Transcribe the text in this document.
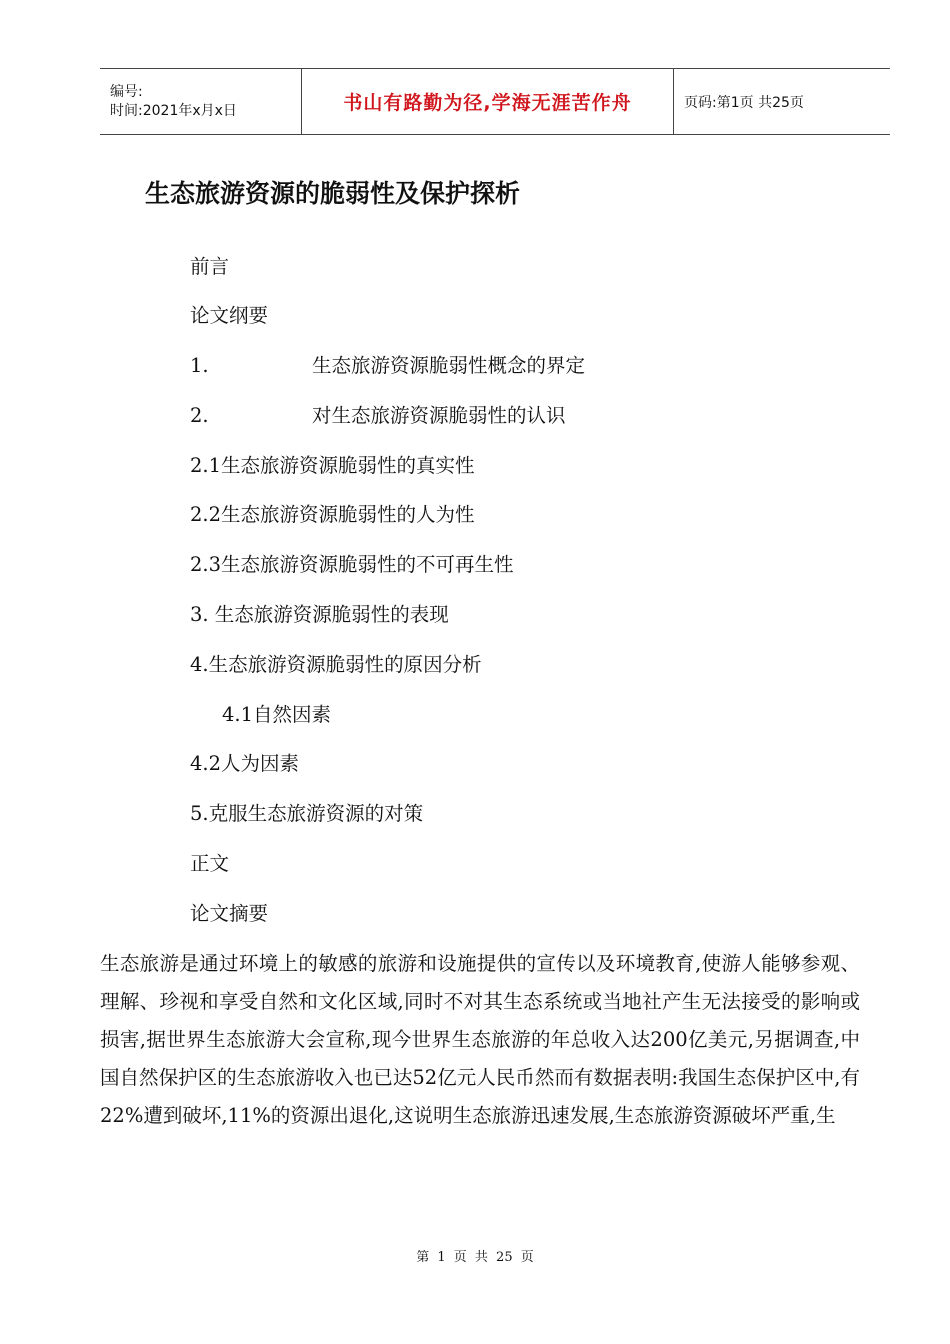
编号:
时间:2021年x月x日	书山有路勤为径,学海无涯苦作舟	页码:第1页 共25页
生态旅游资源的脆弱性及保护探析
前言
论文纲要
1.	生态旅游资源脆弱性概念的界定
2.	对生态旅游资源脆弱性的认识
2.1生态旅游资源脆弱性的真实性
2.2生态旅游资源脆弱性的人为性
2.3生态旅游资源脆弱性的不可再生性
3. 生态旅游资源脆弱性的表现
4.生态旅游资源脆弱性的原因分析
4.1自然因素
4.2人为因素
5.克服生态旅游资源的对策
正文
论文摘要

生态旅游是通过环境上的敏感的旅游和设施提供的宣传以及环境教育,使游人能够参观、理解、珍视和享受自然和文化区域,同时不对其生态系统或当地社产生无法接受的影响或损害,据世界生态旅游大会宣称,现今世界生态旅游的年总收入达200亿美元,另据调查,中国自然保护区的生态旅游收入也已达52亿元人民币然而有数据表明:我国生态保护区中,有22%遭到破坏,11%的资源出退化,这说明生态旅游迅速发展,生态旅游资源破坏严重,生

第 1 页 共 25 页
